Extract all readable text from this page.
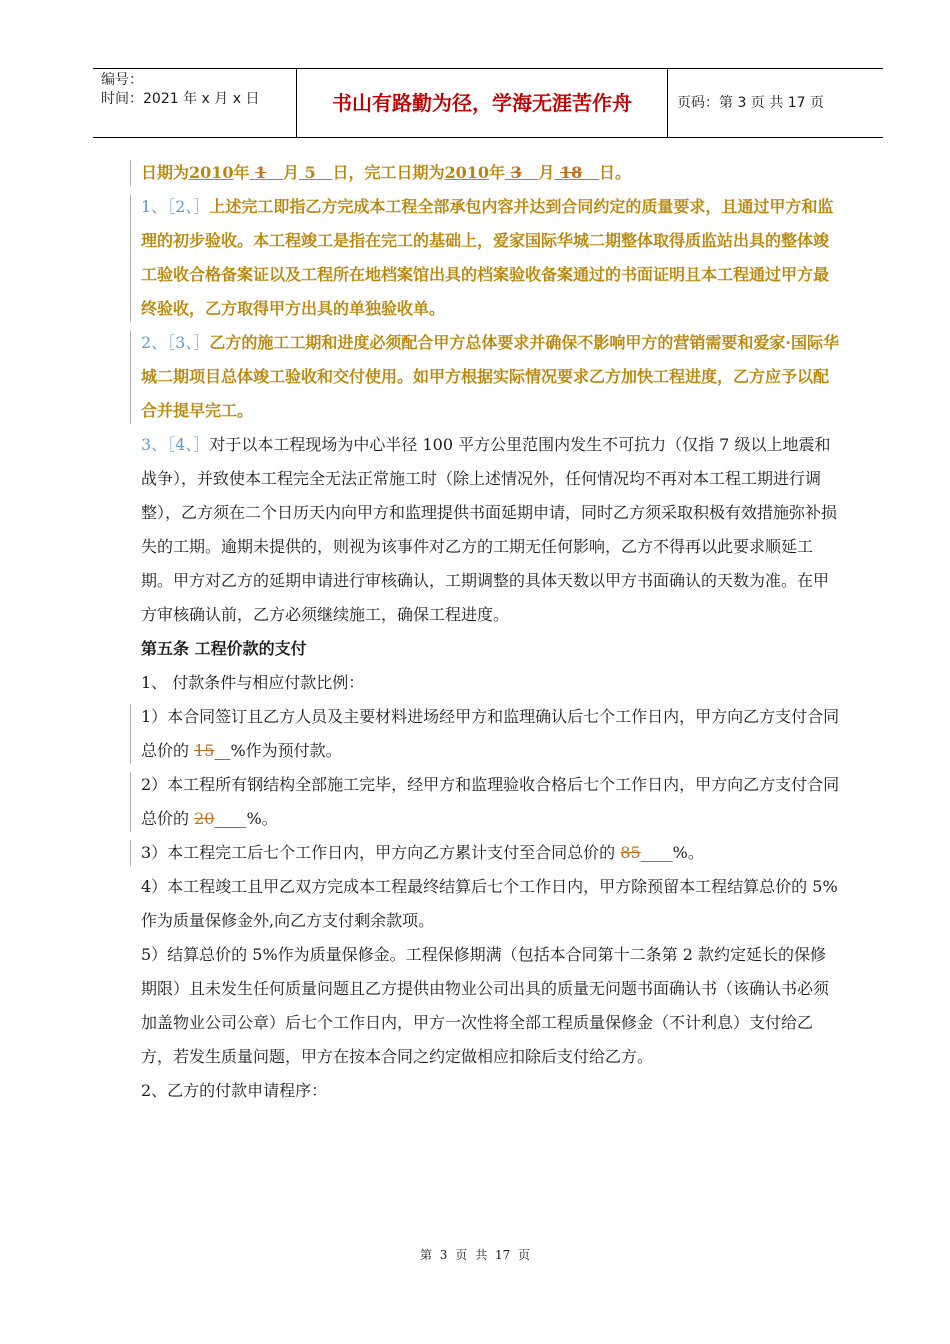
编号：
时间：2021 年 x 月 x 日	书山有路勤为径，学海无涯苦作舟	页码：第 3 页 共 17 页

日期为2010年 1 月 5 日，完工日期为2010年 3 月 18 日。

1、［2、］上述完工即指乙方完成本工程全部承包内容并达到合同约定的质量要求，且通过甲方和监理的初步验收。本工程竣工是指在完工的基础上，爱家国际华城二期整体取得质监站出具的整体竣工验收合格备案证以及工程所在地档案馆出具的档案验收备案通过的书面证明且本工程通过甲方最终验收，乙方取得甲方出具的单独验收单。

2、［3、］乙方的施工工期和进度必须配合甲方总体要求并确保不影响甲方的营销需要和爱家·国际华城二期项目总体竣工验收和交付使用。如甲方根据实际情况要求乙方加快工程进度，乙方应予以配合并提早完工。

3、［4、］对于以本工程现场为中心半径 100 平方公里范围内发生不可抗力（仅指 7 级以上地震和战争），并致使本工程完全无法正常施工时（除上述情况外，任何情况均不再对本工程工期进行调整），乙方须在二个日历天内向甲方和监理提供书面延期申请，同时乙方须采取积极有效措施弥补损失的工期。逾期未提供的，则视为该事件对乙方的工期无任何影响，乙方不得再以此要求顺延工期。甲方对乙方的延期申请进行审核确认，工期调整的具体天数以甲方书面确认的天数为准。在甲方审核确认前，乙方必须继续施工，确保工程进度。

第五条 工程价款的支付

1、 付款条件与相应付款比例：

1）本合同签订且乙方人员及主要材料进场经甲方和监理确认后七个工作日内，甲方向乙方支付合同总价的 15__%作为预付款。

2）本工程所有钢结构全部施工完毕，经甲方和监理验收合格后七个工作日内，甲方向乙方支付合同总价的 20____%。

3）本工程完工后七个工作日内，甲方向乙方累计支付至合同总价的 85____%。

4）本工程竣工且甲乙双方完成本工程最终结算后七个工作日内，甲方除预留本工程结算总价的 5%作为质量保修金外,向乙方支付剩余款项。

5）结算总价的 5%作为质量保修金。工程保修期满（包括本合同第十二条第 2 款约定延长的保修期限）且未发生任何质量问题且乙方提供由物业公司出具的质量无问题书面确认书（该确认书必须加盖物业公司公章）后七个工作日内，甲方一次性将全部工程质量保修金（不计利息）支付给乙方，若发生质量问题，甲方在按本合同之约定做相应扣除后支付给乙方。

2、乙方的付款申请程序：

第 3 页 共 17 页
